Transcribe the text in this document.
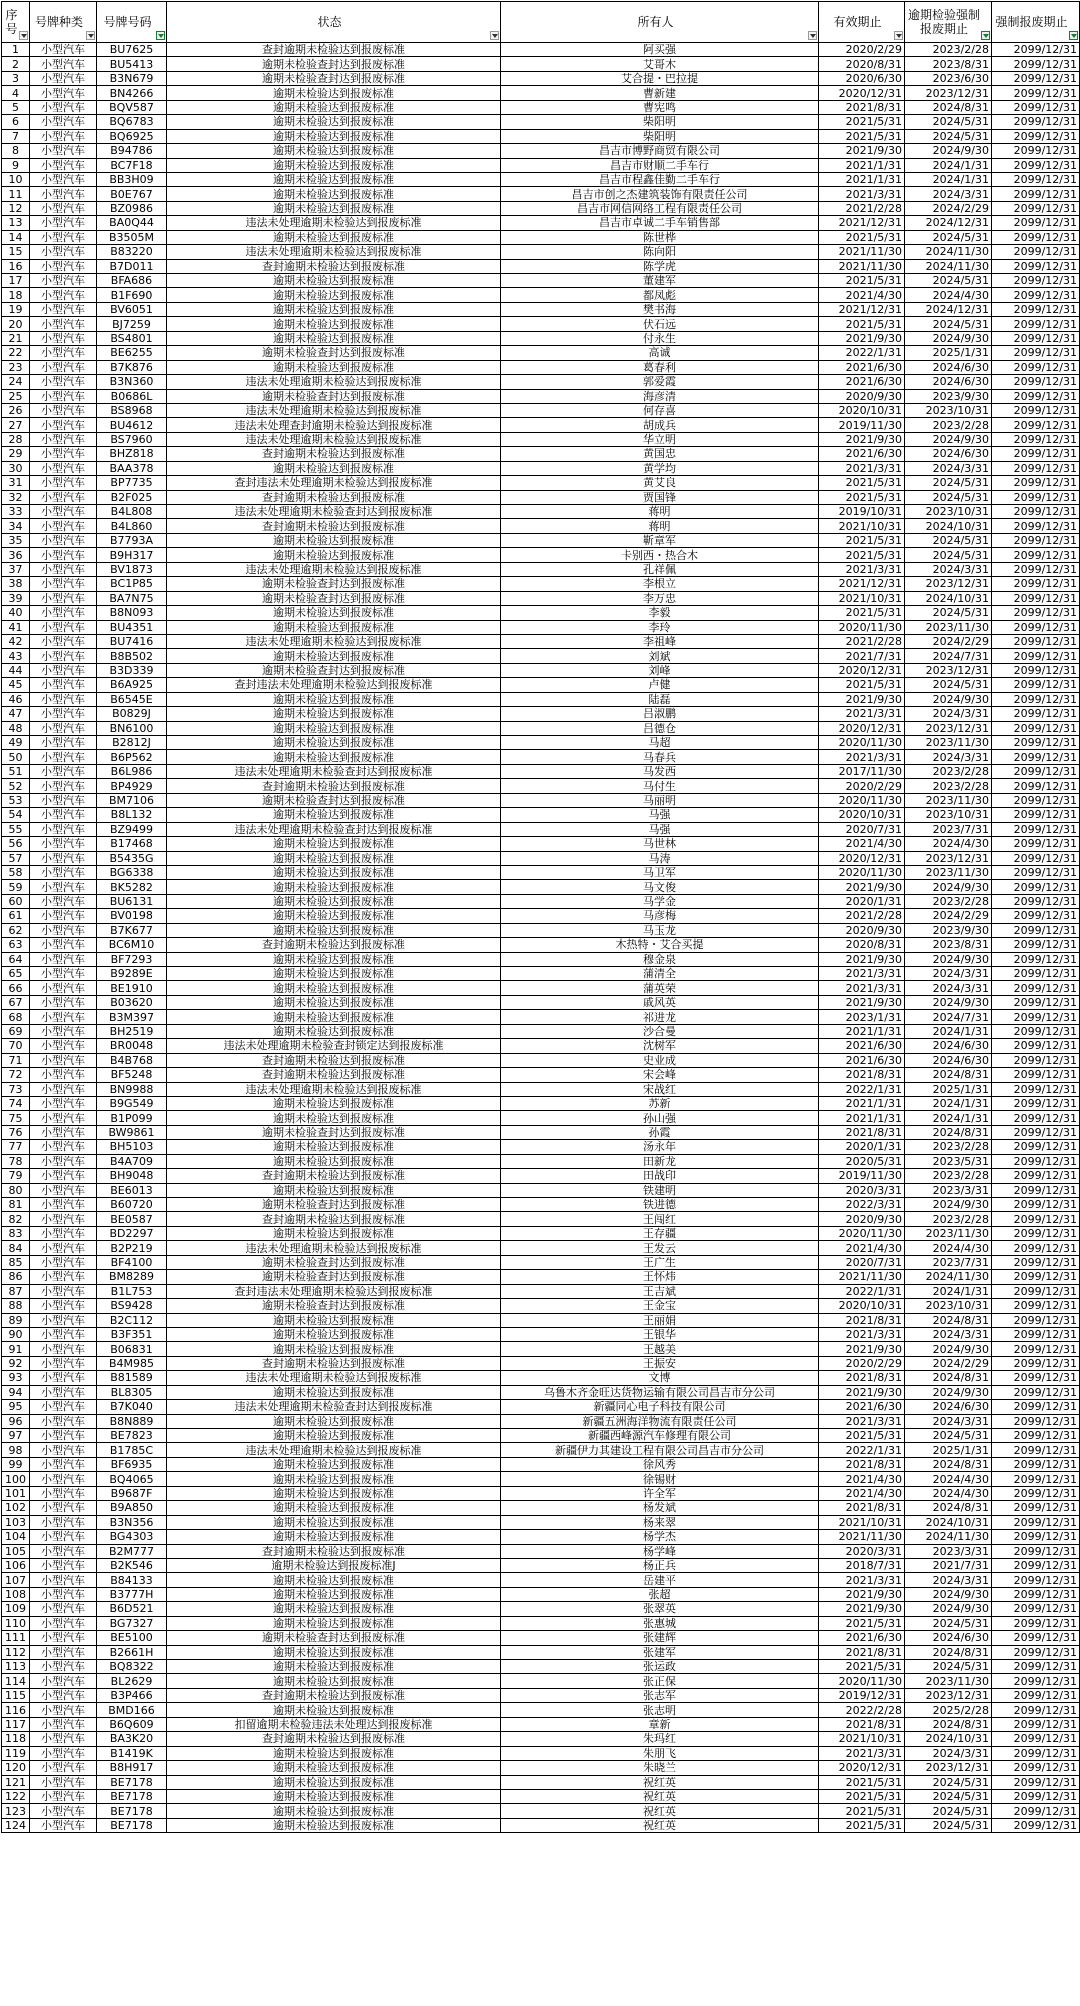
序号	号牌种类	号牌号码	状态	所有人	有效期止	逾期检验强制报废期止	强制报废期止

1	小型汽车	BU7625	查封逾期未检验达到报废标准	阿买强	2020/2/29	2023/2/28	2099/12/31
2	小型汽车	BU5413	逾期未检验查封达到报废标准	艾哥木	2020/8/31	2023/8/31	2099/12/31
3	小型汽车	B3N679	逾期未检验查封达到报废标准	艾合提・巴拉提	2020/6/30	2023/6/30	2099/12/31
4	小型汽车	BN4266	逾期未检验达到报废标准	曹新建	2020/12/31	2023/12/31	2099/12/31
5	小型汽车	BQV587	逾期未检验达到报废标准	曹宪鸣	2021/8/31	2024/8/31	2099/12/31
6	小型汽车	BQ6783	逾期未检验达到报废标准	柴阳明	2021/5/31	2024/5/31	2099/12/31
7	小型汽车	BQ6925	逾期未检验达到报废标准	柴阳明	2021/5/31	2024/5/31	2099/12/31
8	小型汽车	B94786	逾期未检验达到报废标准	昌吉市博野商贸有限公司	2021/9/30	2024/9/30	2099/12/31
9	小型汽车	BC7F18	逾期未检验达到报废标准	昌吉市财顺二手车行	2021/1/31	2024/1/31	2099/12/31
10	小型汽车	BB3H09	逾期未检验达到报废标准	昌吉市程鑫佳勤二手车行	2021/1/31	2024/1/31	2099/12/31
11	小型汽车	B0E767	逾期未检验达到报废标准	昌吉市创之杰建筑装饰有限责任公司	2021/3/31	2024/3/31	2099/12/31
12	小型汽车	BZ0986	逾期未检验达到报废标准	昌吉市网信网络工程有限责任公司	2021/2/28	2024/2/29	2099/12/31
13	小型汽车	BA0Q44	违法未处理逾期未检验达到报废标准	昌吉市卓诚二手车销售部	2021/12/31	2024/12/31	2099/12/31
14	小型汽车	B3505M	逾期未检验达到报废标准	陈世桦	2021/5/31	2024/5/31	2099/12/31
15	小型汽车	B83220	违法未处理逾期未检验达到报废标准	陈向阳	2021/11/30	2024/11/30	2099/12/31
16	小型汽车	B7D011	查封逾期未检验达到报废标准	陈学虎	2021/11/30	2024/11/30	2099/12/31
17	小型汽车	BFA686	逾期未检验达到报废标准	董建军	2021/5/31	2024/5/31	2099/12/31
18	小型汽车	B1F690	逾期未检验达到报废标准	都凤彪	2021/4/30	2024/4/30	2099/12/31
19	小型汽车	BV6051	逾期未检验达到报废标准	樊书海	2021/12/31	2024/12/31	2099/12/31
20	小型汽车	BJ7259	逾期未检验达到报废标准	伏石远	2021/5/31	2024/5/31	2099/12/31
21	小型汽车	BS4801	逾期未检验达到报废标准	付永生	2021/9/30	2024/9/30	2099/12/31
22	小型汽车	BE6255	逾期未检验查封达到报废标准	高诚	2022/1/31	2025/1/31	2099/12/31
23	小型汽车	B7K876	逾期未检验达到报废标准	葛春利	2021/6/30	2024/6/30	2099/12/31
24	小型汽车	B3N360	违法未处理逾期未检验达到报废标准	郭爱霞	2021/6/30	2024/6/30	2099/12/31
25	小型汽车	B0686L	逾期未检验查封达到报废标准	海彦清	2020/9/30	2023/9/30	2099/12/31
26	小型汽车	BS8968	违法未处理逾期未检验达到报废标准	何存喜	2020/10/31	2023/10/31	2099/12/31
27	小型汽车	BU4612	违法未处理查封逾期未检验达到报废标准	胡成兵	2019/11/30	2023/2/28	2099/12/31
28	小型汽车	BS7960	违法未处理逾期未检验达到报废标准	华立明	2021/9/30	2024/9/30	2099/12/31
29	小型汽车	BHZ818	查封逾期未检验达到报废标准	黄国忠	2021/6/30	2024/6/30	2099/12/31
30	小型汽车	BAA378	逾期未检验达到报废标准	黄学均	2021/3/31	2024/3/31	2099/12/31
31	小型汽车	BP7735	查封违法未处理逾期未检验达到报废标准	黄艾良	2021/5/31	2024/5/31	2099/12/31
32	小型汽车	B2F025	查封逾期未检验达到报废标准	贾国锋	2021/5/31	2024/5/31	2099/12/31
33	小型汽车	B4L808	违法未处理逾期未检验查封达到报废标准	蒋明	2019/10/31	2023/10/31	2099/12/31
34	小型汽车	B4L860	查封逾期未检验达到报废标准	蒋明	2021/10/31	2024/10/31	2099/12/31
35	小型汽车	B7793A	逾期未检验达到报废标准	靳章军	2021/5/31	2024/5/31	2099/12/31
36	小型汽车	B9H317	逾期未检验达到报废标准	卡别西・热合木	2021/5/31	2024/5/31	2099/12/31
37	小型汽车	BV1873	违法未处理逾期未检验达到报废标准	孔祥佩	2021/3/31	2024/3/31	2099/12/31
38	小型汽车	BC1P85	逾期未检验查封达到报废标准	李根立	2021/12/31	2023/12/31	2099/12/31
39	小型汽车	BA7N75	逾期未检验查封达到报废标准	李万忠	2021/10/31	2024/10/31	2099/12/31
40	小型汽车	B8N093	逾期未检验达到报废标准	李毅	2021/5/31	2024/5/31	2099/12/31
41	小型汽车	BU4351	逾期未检验达到报废标准	李玲	2020/11/30	2023/11/30	2099/12/31
42	小型汽车	BU7416	违法未处理逾期未检验达到报废标准	李祖峰	2021/2/28	2024/2/29	2099/12/31
43	小型汽车	B8B502	逾期未检验达到报废标准	刘斌	2021/7/31	2024/7/31	2099/12/31
44	小型汽车	B3D339	逾期未检验查封达到报废标准	刘峰	2020/12/31	2023/12/31	2099/12/31
45	小型汽车	B6A925	查封违法未处理逾期未检验达到报废标准	卢健	2021/5/31	2024/5/31	2099/12/31
46	小型汽车	B6545E	逾期未检验达到报废标准	陆磊	2021/9/30	2024/9/30	2099/12/31
47	小型汽车	B0829J	逾期未检验达到报废标准	吕淑鹏	2021/3/31	2024/3/31	2099/12/31
48	小型汽车	BN6100	逾期未检验达到报废标准	吕德仓	2020/12/31	2023/12/31	2099/12/31
49	小型汽车	B2812J	逾期未检验达到报废标准	马超	2020/11/30	2023/11/30	2099/12/31
50	小型汽车	B6P562	逾期未检验达到报废标准	马春兵	2021/3/31	2024/3/31	2099/12/31
51	小型汽车	B6L986	违法未处理逾期未检验查封达到报废标准	马发西	2017/11/30	2023/2/28	2099/12/31
52	小型汽车	BP4929	查封逾期未检验达到报废标准	马付生	2020/2/29	2023/2/28	2099/12/31
53	小型汽车	BM7106	逾期未检验查封达到报废标准	马丽明	2020/11/30	2023/11/30	2099/12/31
54	小型汽车	B8L132	逾期未检验达到报废标准	马强	2020/10/31	2023/10/31	2099/12/31
55	小型汽车	BZ9499	违法未处理逾期未检验查封达到报废标准	马强	2020/7/31	2023/7/31	2099/12/31
56	小型汽车	B17468	逾期未检验达到报废标准	马世林	2021/4/30	2024/4/30	2099/12/31
57	小型汽车	B5435G	逾期未检验达到报废标准	马涛	2020/12/31	2023/12/31	2099/12/31
58	小型汽车	BG6338	逾期未检验达到报废标准	马卫军	2020/11/30	2023/11/30	2099/12/31
59	小型汽车	BK5282	逾期未检验达到报废标准	马文俊	2021/9/30	2024/9/30	2099/12/31
60	小型汽车	BU6131	逾期未检验达到报废标准	马学金	2020/1/31	2023/2/28	2099/12/31
61	小型汽车	BV0198	逾期未检验达到报废标准	马彦梅	2021/2/28	2024/2/29	2099/12/31
62	小型汽车	B7K677	逾期未检验达到报废标准	马玉龙	2020/9/30	2023/9/30	2099/12/31
63	小型汽车	BC6M10	查封逾期未检验达到报废标准	木热特・艾合买提	2020/8/31	2023/8/31	2099/12/31
64	小型汽车	BF7293	逾期未检验达到报废标准	穆金泉	2021/9/30	2024/9/30	2099/12/31
65	小型汽车	B9289E	逾期未检验达到报废标准	蒲清全	2021/3/31	2024/3/31	2099/12/31
66	小型汽车	BE1910	逾期未检验达到报废标准	蒲英荣	2021/3/31	2024/3/31	2099/12/31
67	小型汽车	B03620	逾期未检验达到报废标准	戚风英	2021/9/30	2024/9/30	2099/12/31
68	小型汽车	B3M397	逾期未检验达到报废标准	祁进龙	2023/1/31	2024/7/31	2099/12/31
69	小型汽车	BH2519	逾期未检验达到报废标准	沙合曼	2021/1/31	2024/1/31	2099/12/31
70	小型汽车	BR0048	违法未处理逾期未检验查封锁定达到报废标准	沈树军	2021/6/30	2024/6/30	2099/12/31
71	小型汽车	B4B768	查封逾期未检验达到报废标准	史业成	2021/6/30	2024/6/30	2099/12/31
72	小型汽车	BF5248	查封逾期未检验达到报废标准	宋会峰	2021/8/31	2024/8/31	2099/12/31
73	小型汽车	BN9988	违法未处理逾期未检验达到报废标准	宋战红	2022/1/31	2025/1/31	2099/12/31
74	小型汽车	B9G549	逾期未检验达到报废标准	苏新	2021/1/31	2024/1/31	2099/12/31
75	小型汽车	B1P099	逾期未检验达到报废标准	孙山强	2021/1/31	2024/1/31	2099/12/31
76	小型汽车	BW9861	逾期未检验查封达到报废标准	孙霞	2021/8/31	2024/8/31	2099/12/31
77	小型汽车	BH5103	逾期未检验达到报废标准	汤永年	2020/1/31	2023/2/28	2099/12/31
78	小型汽车	B4A709	逾期未检验达到报废标准	田新龙	2020/5/31	2023/5/31	2099/12/31
79	小型汽车	BH9048	查封逾期未检验达到报废标准	田战印	2019/11/30	2023/2/28	2099/12/31
80	小型汽车	BE6013	逾期未检验达到报废标准	铁建明	2020/3/31	2023/3/31	2099/12/31
81	小型汽车	B60720	逾期未检验查封达到报废标准	铁进德	2022/3/31	2024/9/30	2099/12/31
82	小型汽车	BE0587	查封逾期未检验达到报废标准	王闯红	2020/9/30	2023/2/28	2099/12/31
83	小型汽车	BD2297	逾期未检验达到报废标准	王存疆	2020/11/30	2023/11/30	2099/12/31
84	小型汽车	B2P219	违法未处理逾期未检验达到报废标准	王发云	2021/4/30	2024/4/30	2099/12/31
85	小型汽车	BF4100	逾期未检验查封达到报废标准	王广生	2020/7/31	2023/7/31	2099/12/31
86	小型汽车	BM8289	逾期未检验查封达到报废标准	王怀炜	2021/11/30	2024/11/30	2099/12/31
87	小型汽车	B1L753	查封违法未处理逾期未检验达到报废标准	王吉斌	2022/1/31	2024/1/31	2099/12/31
88	小型汽车	BS9428	逾期未检验查封达到报废标准	王金宝	2020/10/31	2023/10/31	2099/12/31
89	小型汽车	B2C112	逾期未检验达到报废标准	王丽娟	2021/8/31	2024/8/31	2099/12/31
90	小型汽车	B3F351	逾期未检验达到报废标准	王银华	2021/3/31	2024/3/31	2099/12/31
91	小型汽车	B06831	逾期未检验达到报废标准	王越美	2021/9/30	2024/9/30	2099/12/31
92	小型汽车	B4M985	查封逾期未检验达到报废标准	王振安	2020/2/29	2024/2/29	2099/12/31
93	小型汽车	B81589	违法未处理逾期未检验达到报废标准	文博	2021/8/31	2024/8/31	2099/12/31
94	小型汽车	BL8305	逾期未检验达到报废标准	乌鲁木齐金旺达货物运输有限公司昌吉市分公司	2021/9/30	2024/9/30	2099/12/31
95	小型汽车	B7K040	违法未处理逾期未检验查封达到报废标准	新疆同心电子科技有限公司	2021/6/30	2024/6/30	2099/12/31
96	小型汽车	B8N889	逾期未检验达到报废标准	新疆五洲海洋物流有限责任公司	2021/3/31	2024/3/31	2099/12/31
97	小型汽车	BE7823	逾期未检验达到报废标准	新疆西峰源汽车修理有限公司	2021/5/31	2024/5/31	2099/12/31
98	小型汽车	B1785C	违法未处理逾期未检验达到报废标准	新疆伊力其建设工程有限公司昌吉市分公司	2022/1/31	2025/1/31	2099/12/31
99	小型汽车	BF6935	逾期未检验达到报废标准	徐风秀	2021/8/31	2024/8/31	2099/12/31
100	小型汽车	BQ4065	逾期未检验达到报废标准	徐锡财	2021/4/30	2024/4/30	2099/12/31
101	小型汽车	B9687F	逾期未检验达到报废标准	许全军	2021/4/30	2024/4/30	2099/12/31
102	小型汽车	B9A850	逾期未检验达到报废标准	杨发斌	2021/8/31	2024/8/31	2099/12/31
103	小型汽车	B3N356	逾期未检验达到报废标准	杨来翠	2021/10/31	2024/10/31	2099/12/31
104	小型汽车	BG4303	逾期未检验达到报废标准	杨学杰	2021/11/30	2024/11/30	2099/12/31
105	小型汽车	B2M777	查封逾期未检验达到报废标准	杨学峰	2020/3/31	2023/3/31	2099/12/31
106	小型汽车	B2K546	逾期未检验达到报废标准J	杨正兵	2018/7/31	2021/7/31	2099/12/31
107	小型汽车	B84133	逾期未检验达到报废标准	岳建平	2021/3/31	2024/3/31	2099/12/31
108	小型汽车	B3777H	逾期未检验达到报废标准	张超	2021/9/30	2024/9/30	2099/12/31
109	小型汽车	B6D521	逾期未检验达到报废标准	张翠英	2021/9/30	2024/9/30	2099/12/31
110	小型汽车	BG7327	逾期未检验达到报废标准	张惠城	2021/5/31	2024/5/31	2099/12/31
111	小型汽车	BE5100	逾期未检验查封达到报废标准	张建辉	2021/6/30	2024/6/30	2099/12/31
112	小型汽车	B2661H	逾期未检验达到报废标准	张建军	2021/8/31	2024/8/31	2099/12/31
113	小型汽车	BQ8322	逾期未检验达到报废标准	张运政	2021/5/31	2024/5/31	2099/12/31
114	小型汽车	BL2629	逾期未检验达到报废标准	张正保	2020/11/30	2023/11/30	2099/12/31
115	小型汽车	B3P466	查封逾期未检验达到报废标准	张志军	2019/12/31	2023/12/31	2099/12/31
116	小型汽车	BMD166	逾期未检验达到报废标准	张志明	2022/2/28	2025/2/28	2099/12/31
117	小型汽车	B6Q609	扣留逾期未检验违法未处理达到报废标准	章新	2021/8/31	2024/8/31	2099/12/31
118	小型汽车	BA3K20	查封逾期未检验达到报废标准	朱玛红	2021/10/31	2024/10/31	2099/12/31
119	小型汽车	B1419K	逾期未检验达到报废标准	朱朋飞	2021/3/31	2024/3/31	2099/12/31
120	小型汽车	B8H917	逾期未检验达到报废标准	朱晓兰	2020/12/31	2023/12/31	2099/12/31
121	小型汽车	BE7178	逾期未检验达到报废标准	祝红英	2021/5/31	2024/5/31	2099/12/31
122	小型汽车	BE7178	逾期未检验达到报废标准	祝红英	2021/5/31	2024/5/31	2099/12/31
123	小型汽车	BE7178	逾期未检验达到报废标准	祝红英	2021/5/31	2024/5/31	2099/12/31
124	小型汽车	BE7178	逾期未检验达到报废标准	祝红英	2021/5/31	2024/5/31	2099/12/31
